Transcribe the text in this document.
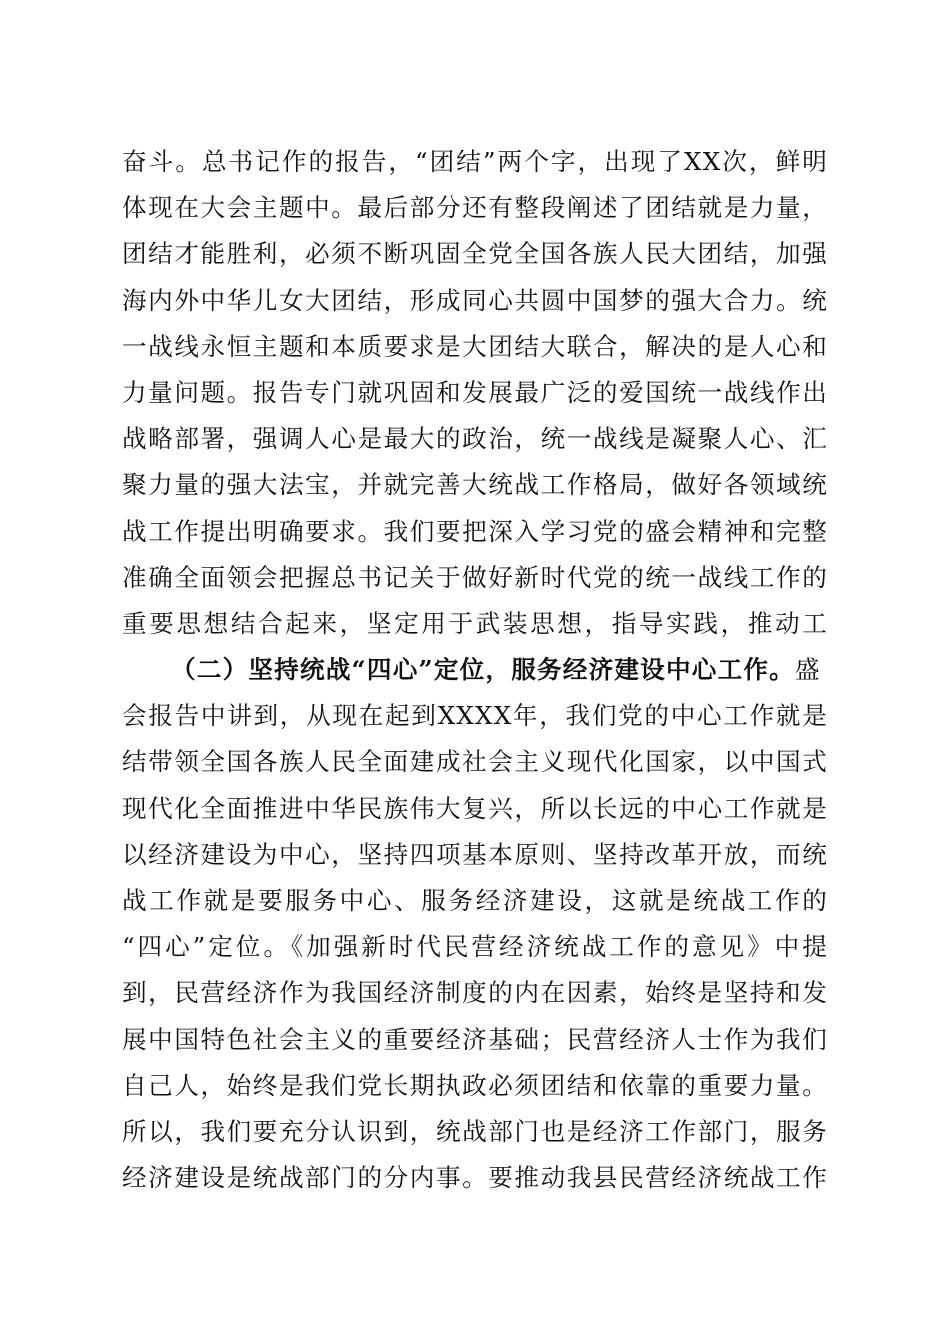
奋斗。总书记作的报告，“团结”两个字，出现了XX次，鲜明
体现在大会主题中。最后部分还有整段阐述了团结就是力量，
团结才能胜利，必须不断巩固全党全国各族人民大团结，加强
海内外中华儿女大团结，形成同心共圆中国梦的强大合力。统
一战线永恒主题和本质要求是大团结大联合，解决的是人心和
力量问题。报告专门就巩固和发展最广泛的爱国统一战线作出
战略部署，强调人心是最大的政治，统一战线是凝聚人心、汇
聚力量的强大法宝，并就完善大统战工作格局，做好各领域统
战工作提出明确要求。我们要把深入学习党的盛会精神和完整
准确全面领会把握总书记关于做好新时代党的统一战线工作的
重要思想结合起来，坚定用于武装思想，指导实践，推动工
（二）坚持统战“四心”定位，服务经济建设中心工作。盛
会报告中讲到，从现在起到XXXX年，我们党的中心工作就是
结带领全国各族人民全面建成社会主义现代化国家，以中国式
现代化全面推进中华民族伟大复兴，所以长远的中心工作就是
以经济建设为中心，坚持四项基本原则、坚持改革开放，而统
战工作就是要服务中心、服务经济建设，这就是统战工作的
“四心”定位。《加强新时代民营经济统战工作的意见》中提
到，民营经济作为我国经济制度的内在因素，始终是坚持和发
展中国特色社会主义的重要经济基础；民营经济人士作为我们
自己人，始终是我们党长期执政必须团结和依靠的重要力量。
所以，我们要充分认识到，统战部门也是经济工作部门，服务
经济建设是统战部门的分内事。要推动我县民营经济统战工作
